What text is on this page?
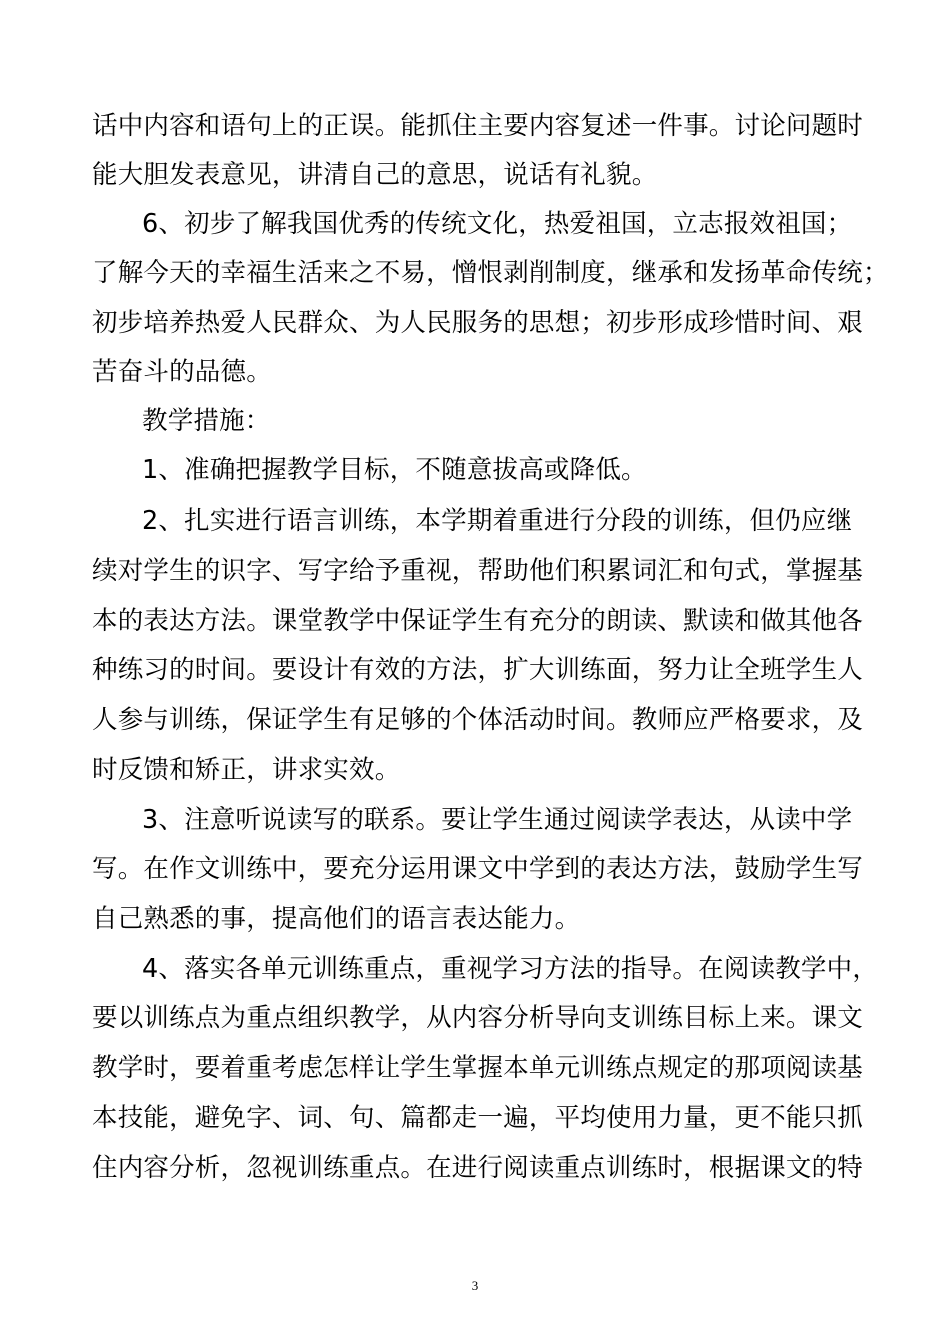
话中内容和语句上的正误。能抓住主要内容复述一件事。讨论问题时
能大胆发表意见，讲清自己的意思，说话有礼貌。
6、初步了解我国优秀的传统文化，热爱祖国，立志报效祖国；
了解今天的幸福生活来之不易，憎恨剥削制度，继承和发扬革命传统；
初步培养热爱人民群众、为人民服务的思想；初步形成珍惜时间、艰
苦奋斗的品德。
教学措施：
1、准确把握教学目标，不随意拔高或降低。
2、扎实进行语言训练，本学期着重进行分段的训练，但仍应继
续对学生的识字、写字给予重视，帮助他们积累词汇和句式，掌握基
本的表达方法。课堂教学中保证学生有充分的朗读、默读和做其他各
种练习的时间。要设计有效的方法，扩大训练面，努力让全班学生人
人参与训练，保证学生有足够的个体活动时间。教师应严格要求，及
时反馈和矫正，讲求实效。
3、注意听说读写的联系。要让学生通过阅读学表达，从读中学
写。在作文训练中，要充分运用课文中学到的表达方法，鼓励学生写
自己熟悉的事，提高他们的语言表达能力。
4、落实各单元训练重点，重视学习方法的指导。在阅读教学中，
要以训练点为重点组织教学，从内容分析导向支训练目标上来。课文
教学时，要着重考虑怎样让学生掌握本单元训练点规定的那项阅读基
本技能，避免字、词、句、篇都走一遍，平均使用力量，更不能只抓
住内容分析，忽视训练重点。在进行阅读重点训练时，根据课文的特
3
